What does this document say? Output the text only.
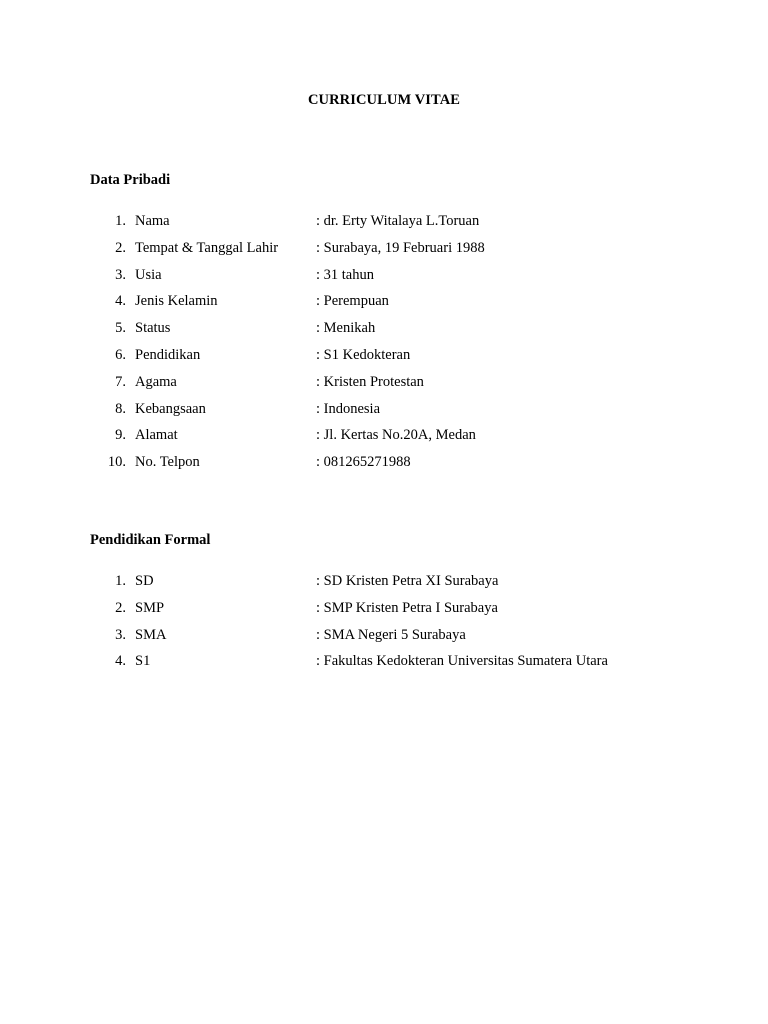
CURRICULUM VITAE
Data Pribadi
1. Nama	: dr. Erty Witalaya L.Toruan
2. Tempat & Tanggal Lahir	: Surabaya, 19 Februari 1988
3. Usia	: 31 tahun
4. Jenis Kelamin	: Perempuan
5. Status	: Menikah
6. Pendidikan	: S1 Kedokteran
7. Agama	: Kristen Protestan
8. Kebangsaan	: Indonesia
9. Alamat	: Jl. Kertas No.20A, Medan
10. No. Telpon	: 081265271988
Pendidikan Formal
1. SD	: SD Kristen Petra XI Surabaya
2. SMP	: SMP Kristen Petra I Surabaya
3. SMA	: SMA Negeri 5 Surabaya
4. S1	: Fakultas Kedokteran Universitas Sumatera Utara
